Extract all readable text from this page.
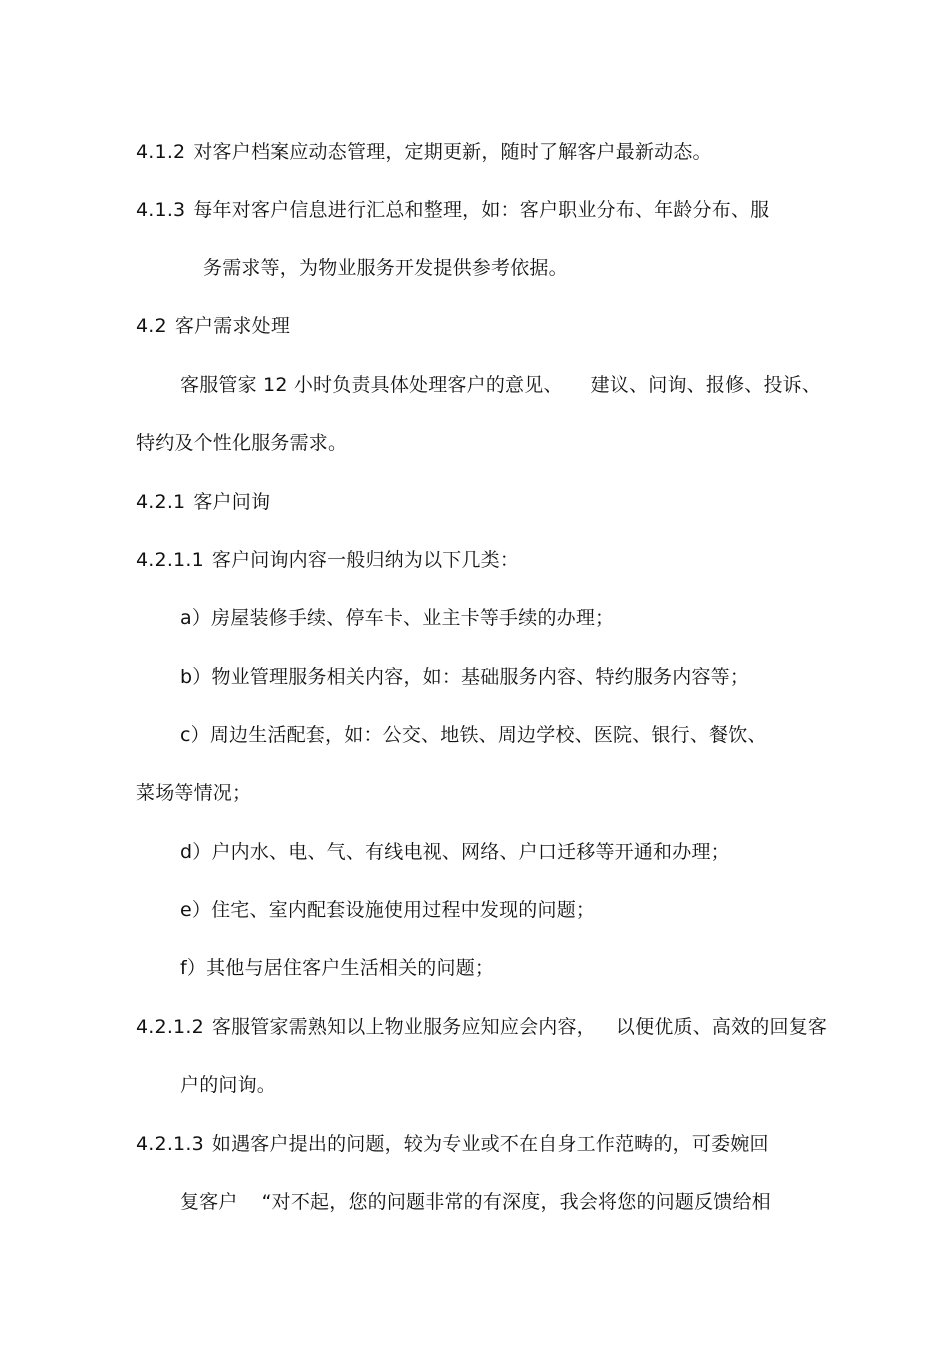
4.1.2 对客户档案应动态管理，定期更新，随时了解客户最新动态。
4.1.3 每年对客户信息进行汇总和整理，如：客户职业分布、年龄分布、服
务需求等，为物业服务开发提供参考依据。
4.2 客户需求处理
客服管家 12 小时负责具体处理客户的意见、 建议、问询、报修、投诉、
特约及个性化服务需求。
4.2.1 客户问询
4.2.1.1 客户问询内容一般归纳为以下几类：
a）房屋装修手续、停车卡、业主卡等手续的办理；
b）物业管理服务相关内容，如：基础服务内容、特约服务内容等；
c）周边生活配套，如：公交、地铁、周边学校、医院、银行、餐饮、
菜场等情况；
d）户内水、电、气、有线电视、网络、户口迁移等开通和办理；
e）住宅、室内配套设施使用过程中发现的问题；
f）其他与居住客户生活相关的问题；
4.2.1.2 客服管家需熟知以上物业服务应知应会内容， 以便优质、高效的回复客
户的问询。
4.2.1.3 如遇客户提出的问题，较为专业或不在自身工作范畴的，可委婉回
复客户 “对不起，您的问题非常的有深度，我会将您的问题反馈给相
